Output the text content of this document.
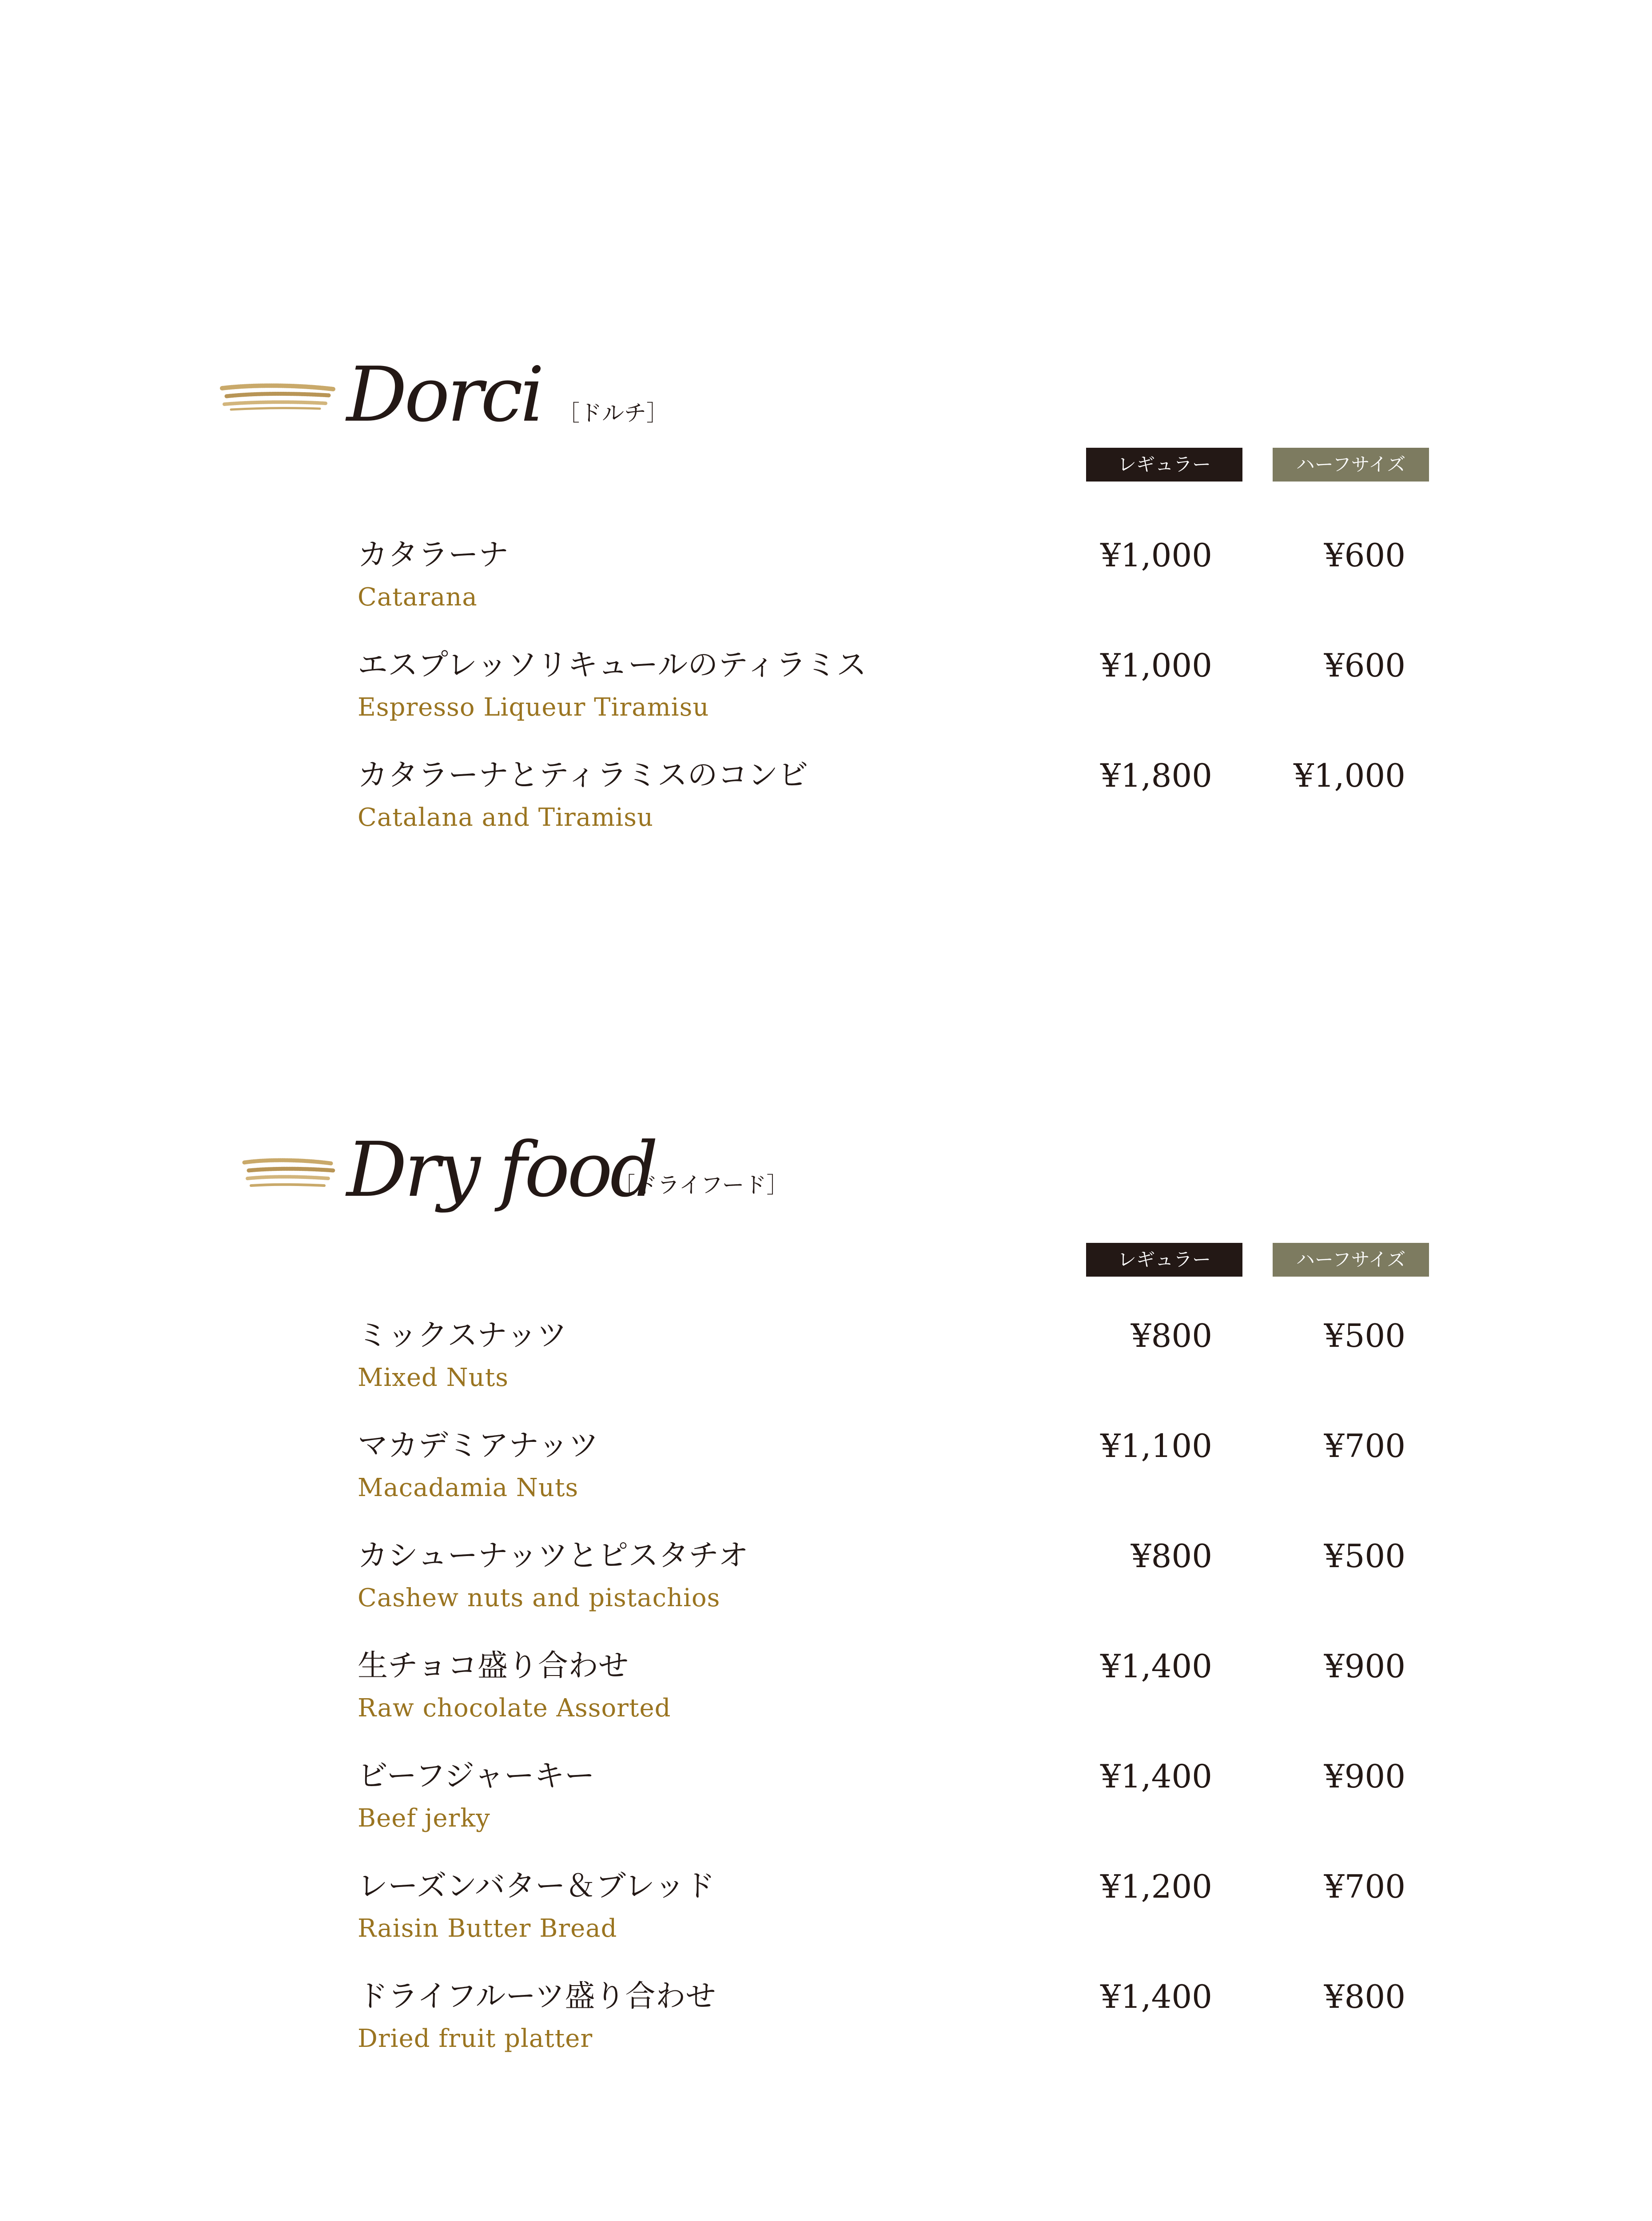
Dorci ［ドルチ］
レギュラー	ハーフサイズ
カタラーナ
Catarana
¥1,000	¥600
エスプレッソリキュールのティラミス
Espresso Liqueur Tiramisu
¥1,000	¥600
カタラーナとティラミスのコンビ
Catalana and Tiramisu
¥1,800	¥1,000
Dry food
［ドライフード］
レギュラー	ハーフサイズ
ミックスナッツ
Mixed Nuts
¥800	¥500
マカデミアナッツ
Macadamia Nuts
¥1,100	¥700
カシューナッツとピスタチオ
Cashew nuts and pistachios
¥800	¥500
生チョコ盛り合わせ
Raw chocolate Assorted
¥1,400	¥900
ビーフジャーキー
Beef jerky
¥1,400	¥900
レーズンバター＆ブレッド
Raisin Butter Bread
¥1,200	¥700
ドライフルーツ盛り合わせ
Dried fruit platter
¥1,400	¥800
